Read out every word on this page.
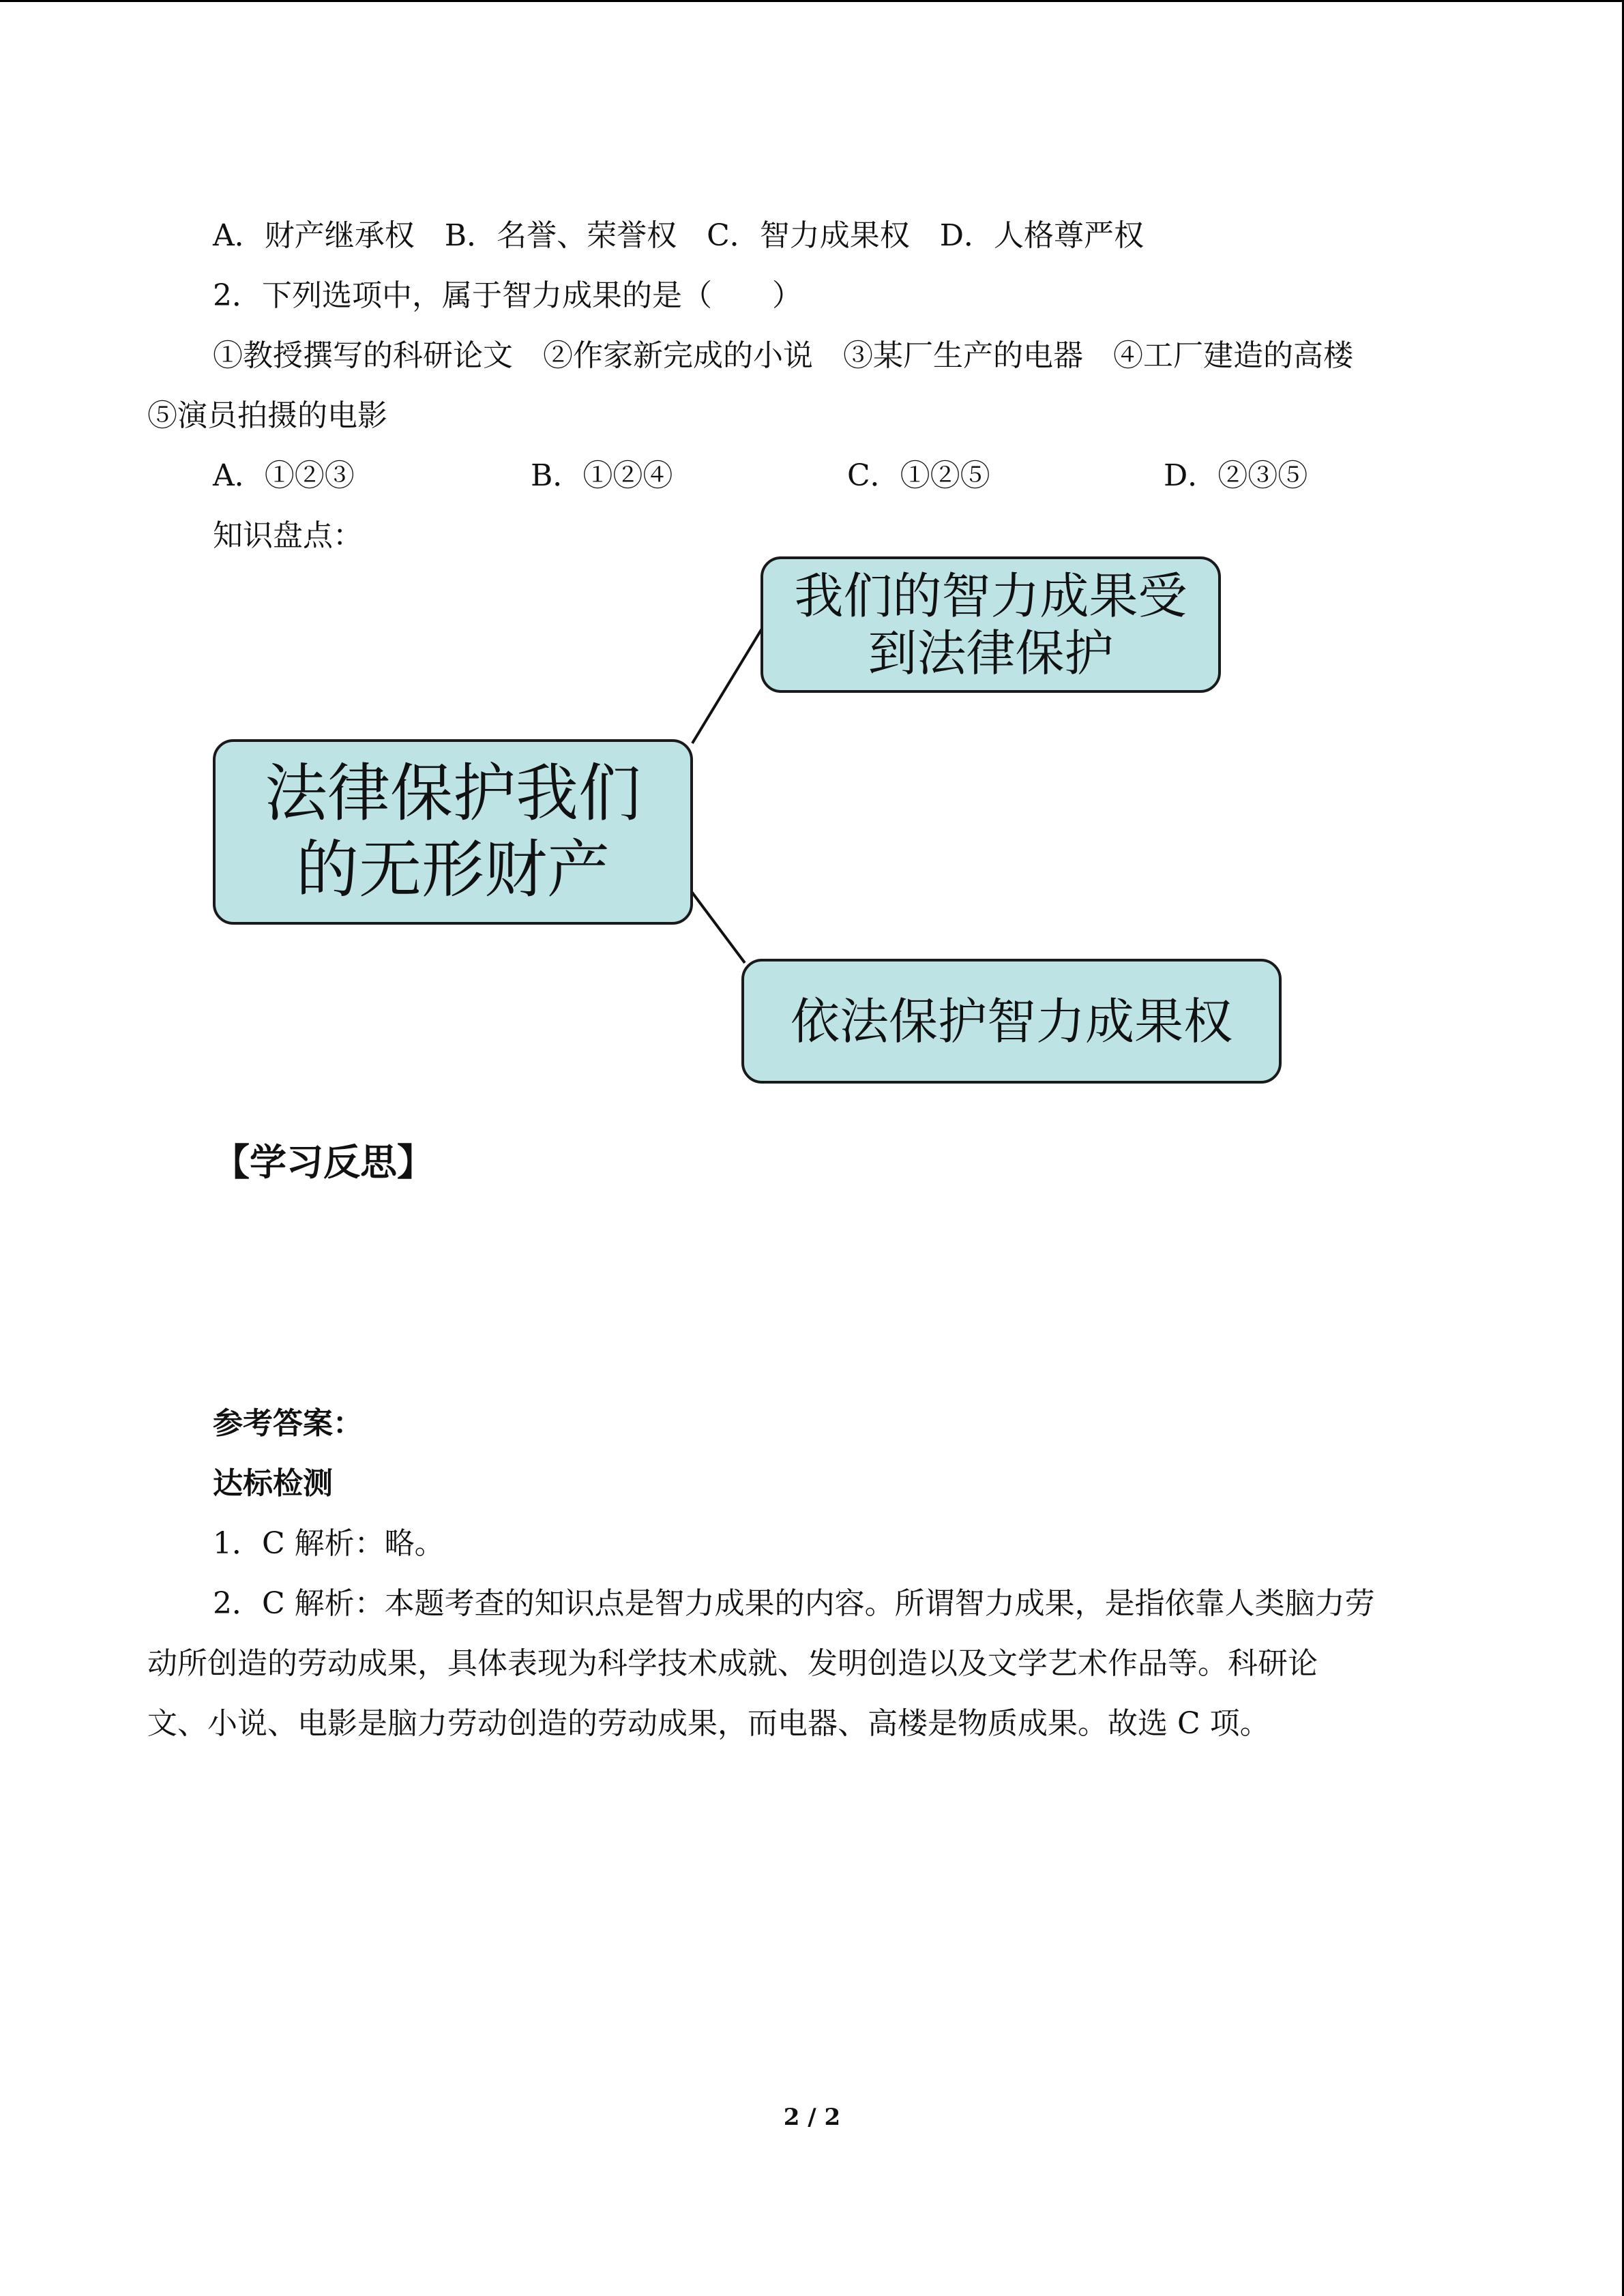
A．财产继承权　B．名誉、荣誉权　C．智力成果权　D．人格尊严权
2．下列选项中，属于智力成果的是（　　）
①教授撰写的科研论文　②作家新完成的小说　③某厂生产的电器　④工厂建造的高楼
⑤演员拍摄的电影
A．①②③	B．①②④	C．①②⑤	D．②③⑤
知识盘点：
法律保护我们的无形财产
我们的智力成果受到法律保护
依法保护智力成果权
【学习反思】
参考答案：
达标检测
1．C 解析：略。
2．C 解析：本题考查的知识点是智力成果的内容。所谓智力成果，是指依靠人类脑力劳
动所创造的劳动成果，具体表现为科学技术成就、发明创造以及文学艺术作品等。科研论
文、小说、电影是脑力劳动创造的劳动成果，而电器、高楼是物质成果。故选 C 项。
2 / 2
